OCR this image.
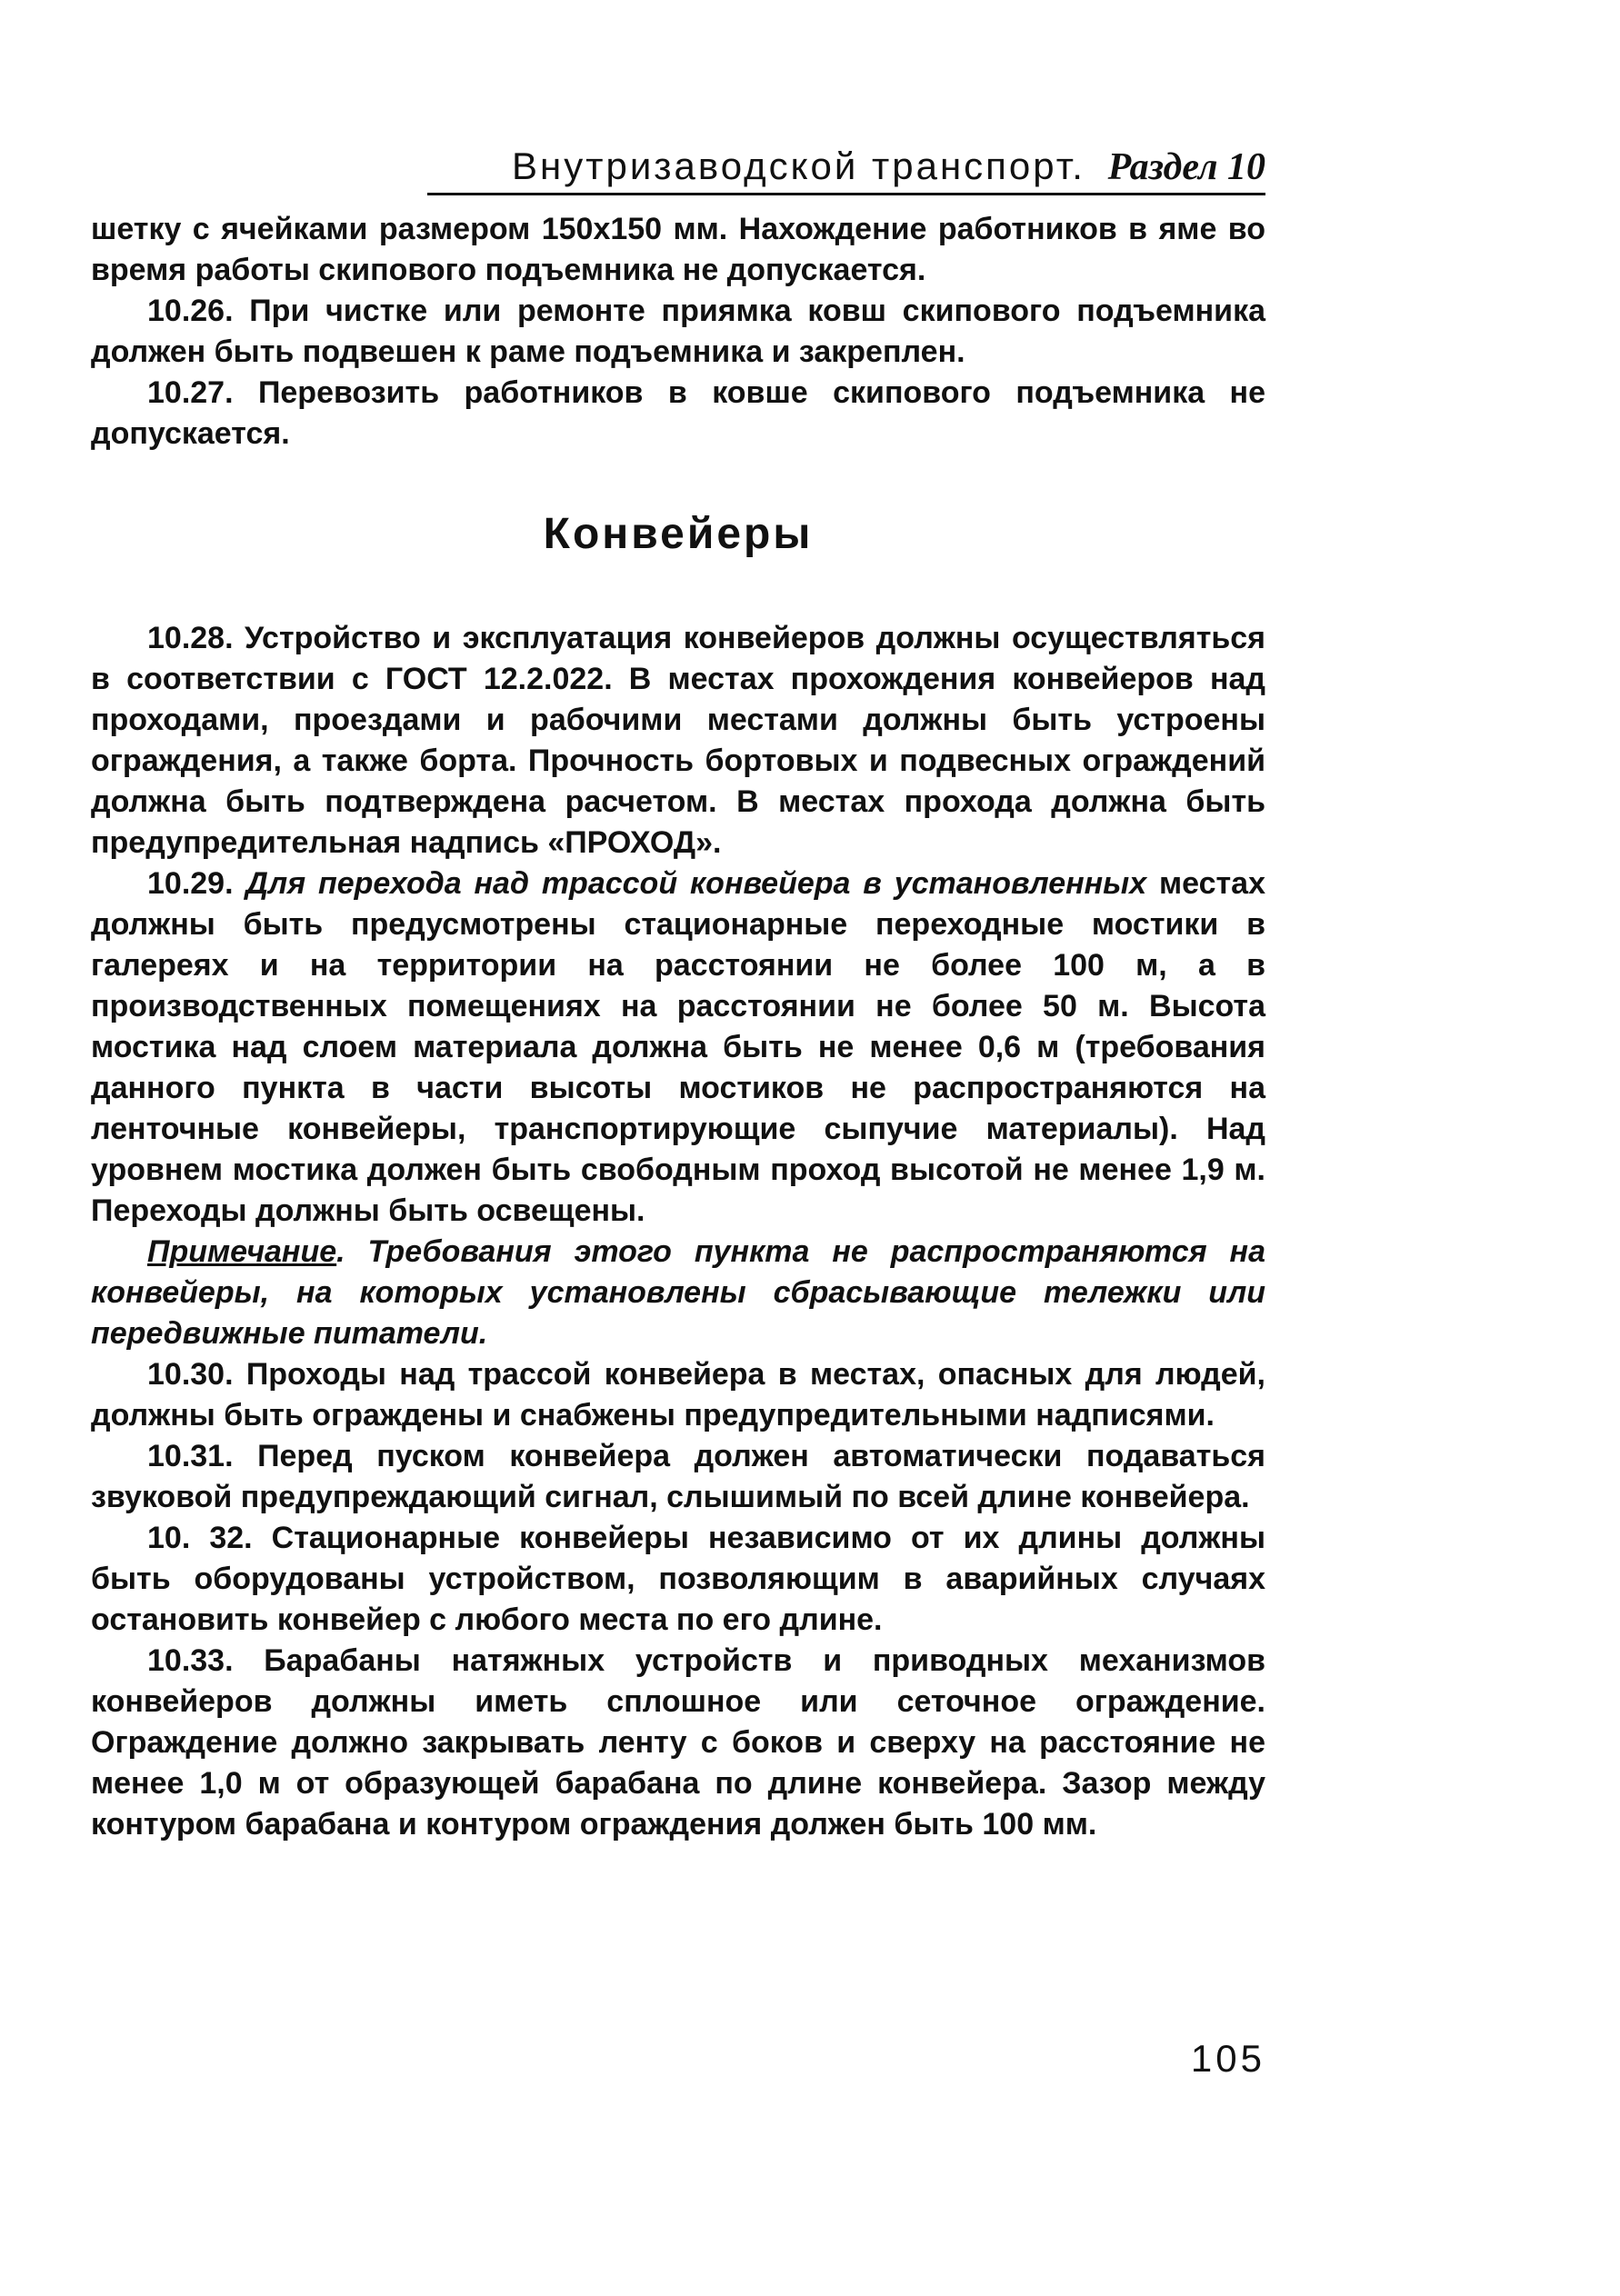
Внутризаводской транспорт. Раздел 10

шетку с ячейками размером 150x150 мм. Нахождение работников в яме во время работы скипового подъемника не допускается.

10.26. При чистке или ремонте приямка ковш скипового подъемника должен быть подвешен к раме подъемника и закреплен.

10.27. Перевозить работников в ковше скипового подъемника не допускается.

Конвейеры

10.28. Устройство и эксплуатация конвейеров должны осуществляться в соответствии с ГОСТ 12.2.022. В местах прохождения конвейеров над проходами, проездами и рабочими местами должны быть устроены ограждения, а также борта. Прочность бортовых и подвесных ограждений должна быть подтверждена расчетом. В местах прохода должна быть предупредительная надпись «ПРОХОД».

10.29. Для перехода над трассой конвейера в установленных местах должны быть предусмотрены стационарные переходные мостики в галереях и на территории на расстоянии не более 100 м, а в производственных помещениях на расстоянии не более 50 м. Высота мостика над слоем материала должна быть не менее 0,6 м (требования данного пункта в части высоты мостиков не распространяются на ленточные конвейеры, транспортирующие сыпучие материалы). Над уровнем мостика должен быть свободным проход высотой не менее 1,9 м. Переходы должны быть освещены.

Примечание. Требования этого пункта не распространяются на конвейеры, на которых установлены сбрасывающие тележки или передвижные питатели.

10.30. Проходы над трассой конвейера в местах, опасных для людей, должны быть ограждены и снабжены предупредительными надписями.

10.31. Перед пуском конвейера должен автоматически подаваться звуковой предупреждающий сигнал, слышимый по всей длине конвейера.

10. 32. Стационарные конвейеры независимо от их длины должны быть оборудованы устройством, позволяющим в аварийных случаях остановить конвейер с любого места по его длине.

10.33. Барабаны натяжных устройств и приводных механизмов конвейеров должны иметь сплошное или сеточное ограждение. Ограждение должно закрывать ленту с боков и сверху на расстояние не менее 1,0 м от образующей барабана по длине конвейера. Зазор между контуром барабана и контуром ограждения должен быть 100 мм.

105
